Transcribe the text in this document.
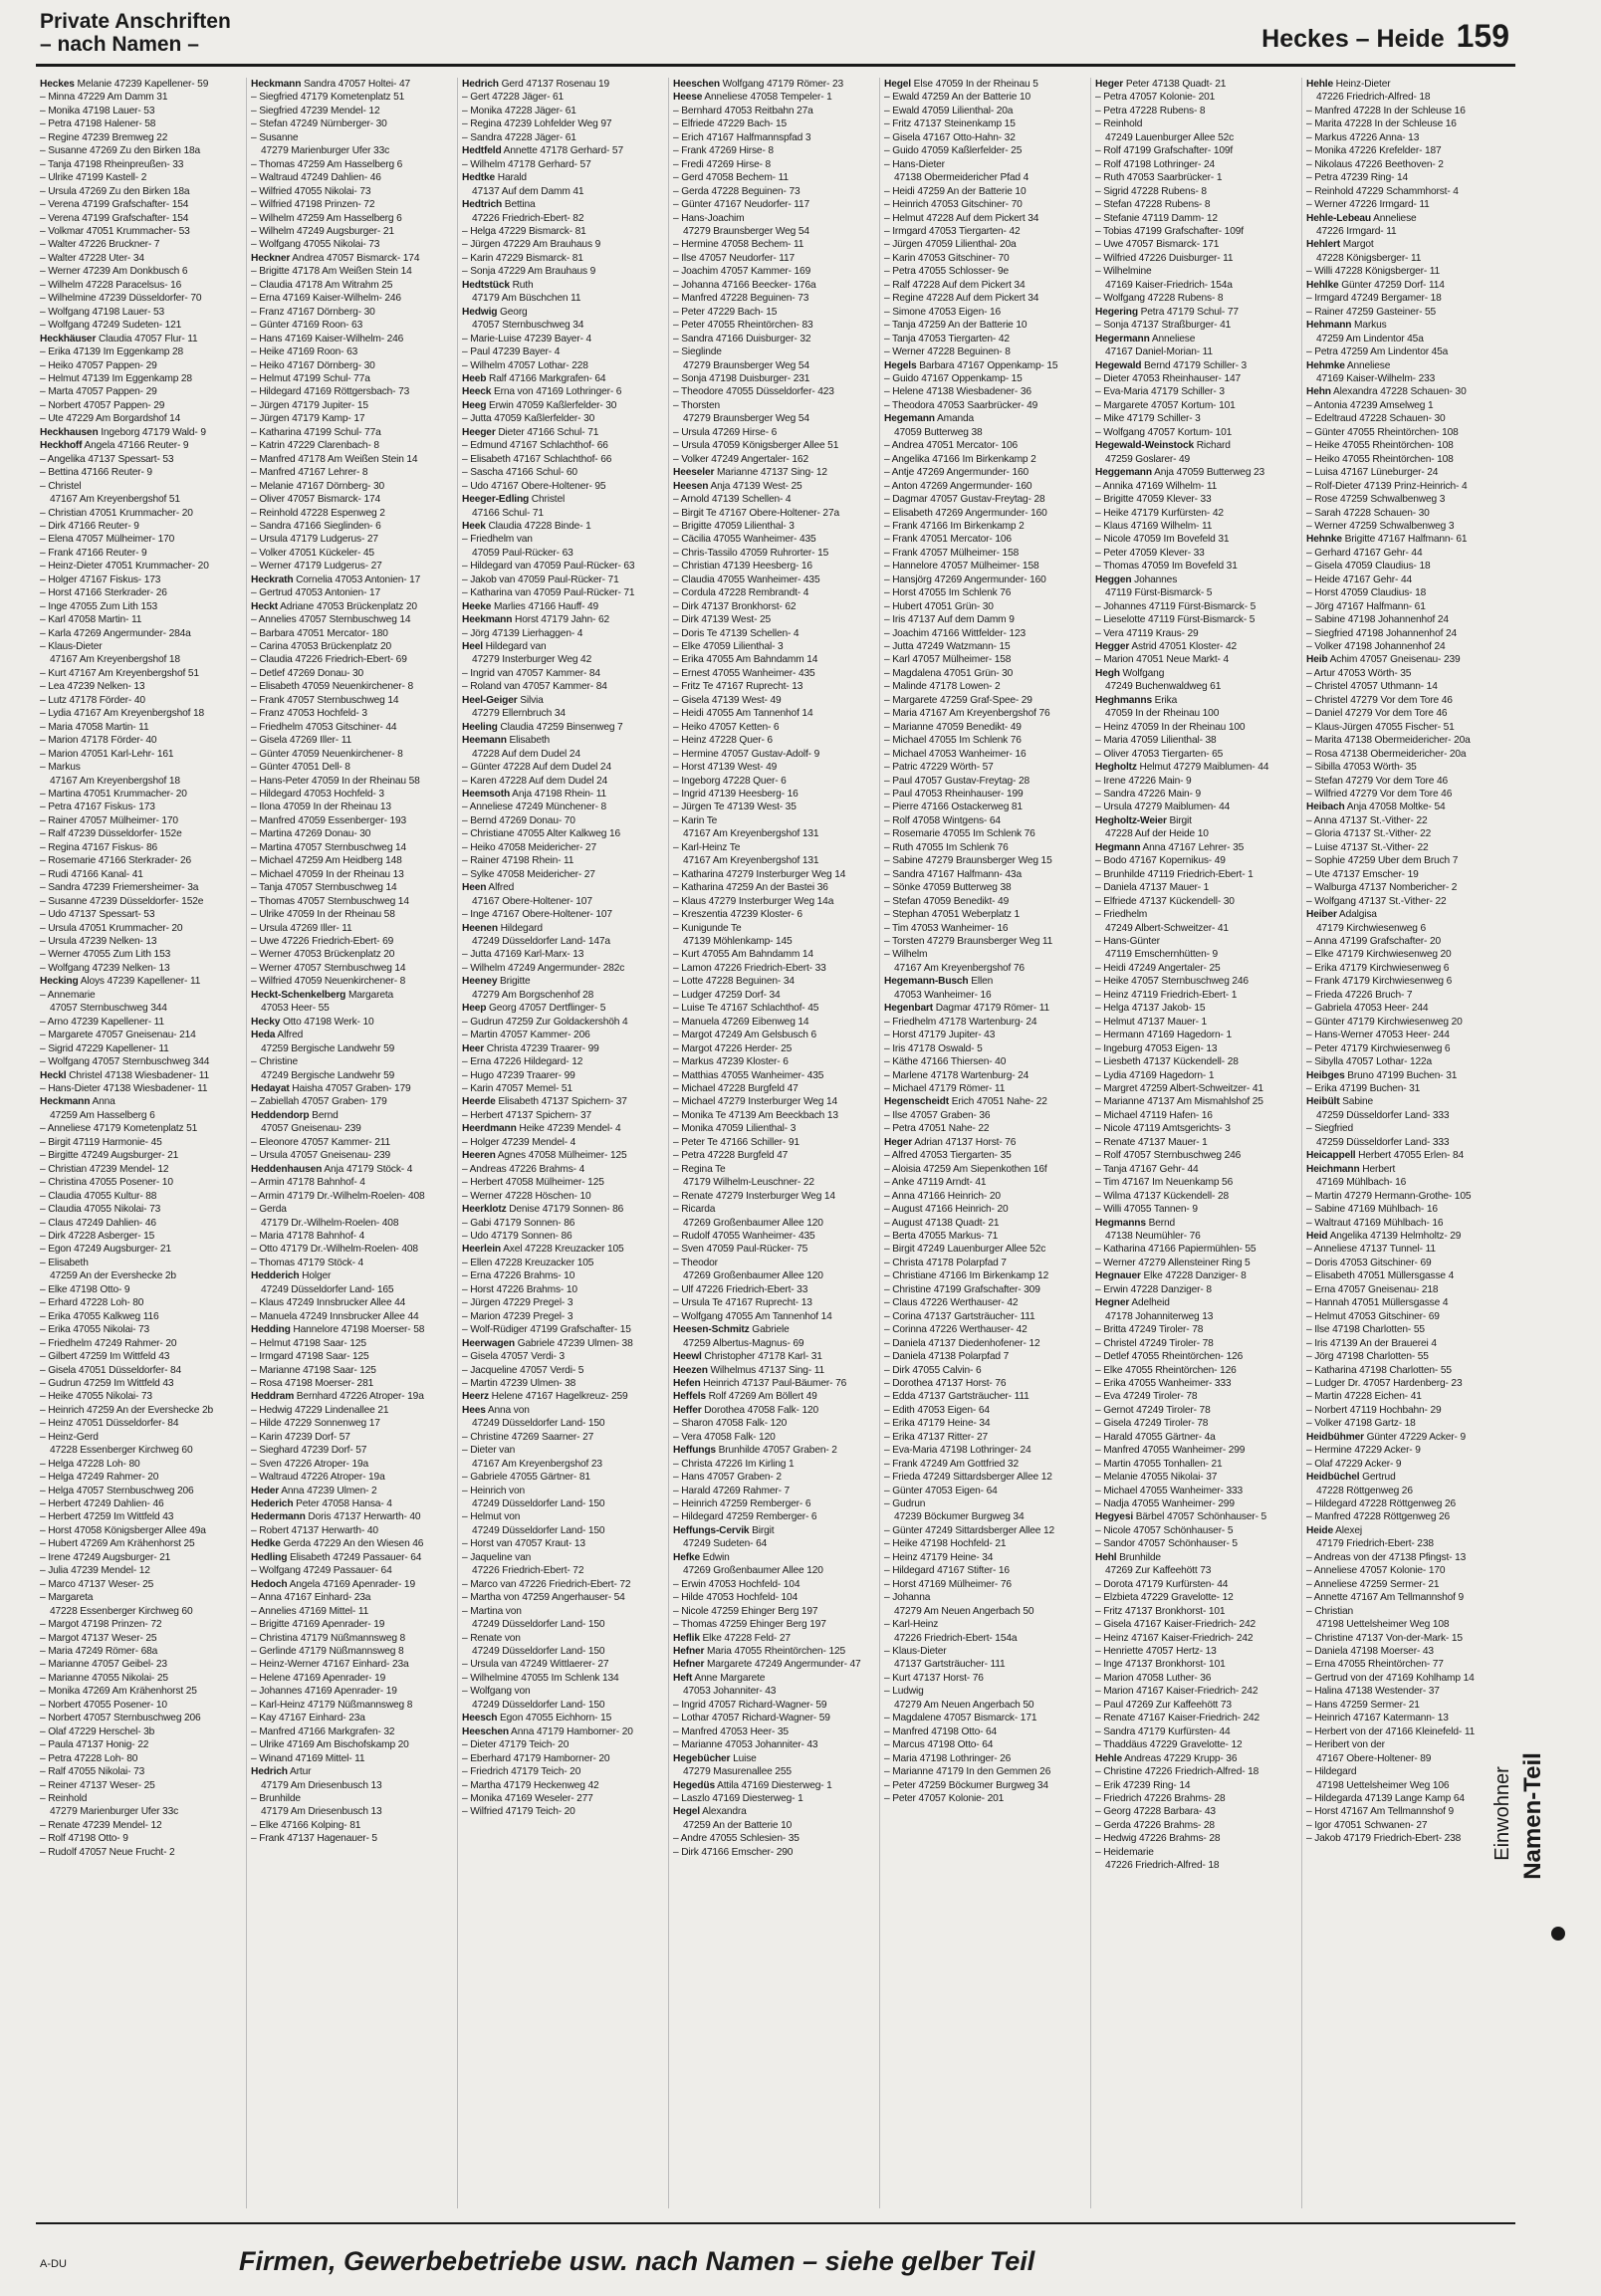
Private Anschriften
– nach Namen –	Heckes – Heide 159
Heckes Melanie 47239 Kapellener- 59
– Minna 47229 Am Damm 31
– Monika 47198 Lauer- 53
– Petra 47198 Halener- 58
– Regine 47239 Bremweg 22
– Susanne 47269 Zu den Birken 18a
– Tanja 47198 Rheinpreußen- 33
– Ulrike 47199 Kastell- 2
– Ursula 47269 Zu den Birken 18a
– Verena 47199 Grafschafter- 154
– Verena 47199 Grafschafter- 154
– Volkmar 47051 Krummacher- 53
– Walter 47226 Bruckner- 7
– Walter 47228 Uter- 34
– Werner 47239 Am Donkbusch 6
– Wilhelm 47228 Paracelsus- 16
– Wilhelmine 47239 Düsseldorfer- 70
– Wolfgang 47198 Lauer- 53
– Wolfgang 47249 Sudeten- 121
Heckhäuser Claudia 47057 Flur- 11
– Erika 47139 Im Eggenkamp 28
– Heiko 47057 Pappen- 29
– Helmut 47139 Im Eggenkamp 28
– Marta 47057 Pappen- 29
– Norbert 47057 Pappen- 29
– Ute 47229 Am Borgardshof 14
Heckhausen Ingeborg 47179 Wald- 9
Heckhoff Angela 47166 Reuter- 9
– Angelika 47137 Spessart- 53
– Bettina 47166 Reuter- 9
– Christel
47167 Am Kreyenbergshof 51
– Christian 47051 Krummacher- 20
– Dirk 47166 Reuter- 9
– Elena 47057 Mülheimer- 170
– Frank 47166 Reuter- 9
– Heinz-Dieter 47051 Krummacher- 20
– Holger 47167 Fiskus- 173
– Horst 47166 Sterkrader- 26
– Inge 47055 Zum Lith 153
– Karl 47058 Martin- 11
– Karla 47269 Angermunder- 284a
– Klaus-Dieter
47167 Am Kreyenbergshof 18
– Kurt 47167 Am Kreyenbergshof 51
– Lea 47239 Nelken- 13
– Lutz 47178 Förder- 40
– Lydia 47167 Am Kreyenbergshof 18
– Maria 47058 Martin- 11
– Marion 47178 Förder- 40
– Marion 47051 Karl-Lehr- 161
– Markus
47167 Am Kreyenbergshof 18
– Martina 47051 Krummacher- 20
– Petra 47167 Fiskus- 173
– Rainer 47057 Mülheimer- 170
– Ralf 47239 Düsseldorfer- 152e
– Regina 47167 Fiskus- 86
– Rosemarie 47166 Sterkrader- 26
– Rudi 47166 Kanal- 41
– Sandra 47239 Friemersheimer- 3a
– Susanne 47239 Düsseldorfer- 152e
– Udo 47137 Spessart- 53
– Ursula 47051 Krummacher- 20
– Ursula 47239 Nelken- 13
– Werner 47055 Zum Lith 153
– Wolfgang 47239 Nelken- 13
Hecking Aloys 47239 Kapellener- 11
– Annemarie
47057 Sternbuschweg 344
– Arno 47239 Kapellener- 11
– Margarete 47057 Gneisenau- 214
– Sigrid 47229 Kapellener- 11
– Wolfgang 47057 Sternbuschweg 344
Heckl Christel 47138 Wiesbadener- 11
– Hans-Dieter 47138 Wiesbadener- 11
Heckmann Anna
47259 Am Hasselberg 6
– Anneliese 47179 Kometenplatz 51
– Birgit 47119 Harmonie- 45
– Birgitte 47249 Augsburger- 21
– Christian 47239 Mendel- 12
– Christina 47055 Posener- 10
– Claudia 47055 Kultur- 88
– Claudia 47055 Nikolai- 73
– Claus 47249 Dahlien- 46
– Dirk 47228 Asberger- 15
– Egon 47249 Augsburger- 21
– Elisabeth
47259 An der Evershecke 2b
– Elke 47198 Otto- 9
– Erhard 47228 Loh- 80
– Erika 47055 Kalkweg 116
– Erika 47055 Nikolai- 73
– Friedhelm 47249 Rahmer- 20
– Gilbert 47259 Im Wittfeld 43
– Gisela 47051 Düsseldorfer- 84
– Gudrun 47259 Im Wittfeld 43
– Heike 47055 Nikolai- 73
– Heinrich 47259 An der Evershecke 2b
– Heinz 47051 Düsseldorfer- 84
– Heinz-Gerd
47228 Essenberger Kirchweg 60
– Helga 47228 Loh- 80
– Helga 47249 Rahmer- 20
– Helga 47057 Sternbuschweg 206
– Herbert 47249 Dahlien- 46
– Herbert 47259 Im Wittfeld 43
– Horst 47058 Königsberger Allee 49a
– Hubert 47269 Am Krähenhorst 25
– Irene 47249 Augsburger- 21
– Julia 47239 Mendel- 12
– Marco 47137 Weser- 25
– Margareta
47228 Essenberger Kirchweg 60
– Margot 47198 Prinzen- 72
– Margot 47137 Weser- 25
– Maria 47249 Römer- 68a
– Marianne 47057 Geibel- 23
– Marianne 47055 Nikolai- 25
– Monika 47269 Am Krähenhorst 25
– Norbert 47055 Posener- 10
– Norbert 47057 Sternbuschweg 206
– Olaf 47229 Herschel- 3b
– Paula 47137 Honig- 22
– Petra 47228 Loh- 80
– Ralf 47055 Nikolai- 73
– Reiner 47137 Weser- 25
– Reinhold
47279 Marienburger Ufer 33c
– Renate 47239 Mendel- 12
– Rolf 47198 Otto- 9
– Rudolf 47057 Neue Frucht- 2
Heckmann Sandra 47057 Holtei- 47
– Siegfried 47179 Kometenplatz 51
– Siegfried 47239 Mendel- 12
– Stefan 47249 Nürnberger- 30
– Susanne
47279 Marienburger Ufer 33c
– Thomas 47259 Am Hasselberg 6
– Waltraud 47249 Dahlien- 46
– Wilfried 47055 Nikolai- 73
– Wilfried 47198 Prinzen- 72
– Wilhelm 47259 Am Hasselberg 6
– Wilhelm 47249 Augsburger- 21
– Wolfgang 47055 Nikolai- 73
Heckner Andrea 47057 Bismarck- 174
– Brigitte 47178 Am Weißen Stein 14
– Claudia 47178 Am Witrahm 25
– Erna 47169 Kaiser-Wilhelm- 246
– Franz 47167 Dörnberg- 30
– Günter 47169 Roon- 63
– Hans 47169 Kaiser-Wilhelm- 246
– Heike 47169 Roon- 63
– Heiko 47167 Dörnberg- 30
– Helmut 47199 Schul- 77a
– Hildegard 47169 Röttgersbach- 73
– Jürgen 47179 Jupiter- 15
– Jürgen 47179 Kamp- 17
– Katharina 47199 Schul- 77a
– Katrin 47229 Clarenbach- 8
– Manfred 47178 Am Weißen Stein 14
– Manfred 47167 Lehrer- 8
– Melanie 47167 Dörnberg- 30
– Oliver 47057 Bismarck- 174
– Reinhold 47228 Espenweg 2
– Sandra 47166 Sieglinden- 6
– Ursula 47179 Ludgerus- 27
– Volker 47051 Kückeler- 45
– Werner 47179 Ludgerus- 27
Heckrath Cornelia 47053 Antonien- 17
– Gertrud 47053 Antonien- 17
Heckt Adriane 47053 Brückenplatz 20
– Annelies 47057 Sternbuschweg 14
– Barbara 47051 Mercator- 180
– Carina 47053 Brückenplatz 20
– Claudia 47226 Friedrich-Ebert- 69
– Detlef 47269 Donau- 30
– Elisabeth 47059 Neuenkirchener- 8
– Frank 47057 Sternbuschweg 14
– Franz 47053 Hochfeld- 3
– Friedhelm 47053 Gitschiner- 44
– Gisela 47269 Iller- 11
– Günter 47059 Neuenkirchener- 8
– Günter 47051 Dell- 8
– Hans-Peter 47059 In der Rheinau 58
– Hildegard 47053 Hochfeld- 3
– Ilona 47059 In der Rheinau 13
– Manfred 47059 Essenberger- 193
– Martina 47269 Donau- 30
– Martina 47057 Sternbuschweg 14
– Michael 47259 Am Heidberg 148
– Michael 47059 In der Rheinau 13
– Tanja 47057 Sternbuschweg 14
– Thomas 47057 Sternbuschweg 14
– Ulrike 47059 In der Rheinau 58
– Ursula 47269 Iller- 11
– Uwe 47226 Friedrich-Ebert- 69
– Werner 47053 Brückenplatz 20
– Werner 47057 Sternbuschweg 14
– Wilfried 47059 Neuenkirchener- 8
Heckt-Schenkelberg Margareta
47053 Heer- 55
Hecky Otto 47198 Werk- 10
Heda Alfred
47259 Bergische Landwehr 59
– Christine
47249 Bergische Landwehr 59
Hedayat Haisha 47057 Graben- 179
– Zabiellah 47057 Graben- 179
Heddendorp Bernd
47057 Gneisenau- 239
– Eleonore 47057 Kammer- 211
– Ursula 47057 Gneisenau- 239
Heddenhausen Anja 47179 Stöck- 4
– Armin 47178 Bahnhof- 4
– Armin 47179 Dr.-Wilhelm-Roelen- 408
– Gerda
47179 Dr.-Wilhelm-Roelen- 408
– Maria 47178 Bahnhof- 4
– Otto 47179 Dr.-Wilhelm-Roelen- 408
– Thomas 47179 Stöck- 4
Hedderich Holger
47249 Düsseldorfer Land- 165
– Klaus 47249 Innsbrucker Allee 44
– Manuela 47249 Innsbrucker Allee 44
Hedding Hannelore 47198 Moerser- 58
– Helmut 47198 Saar- 125
– Irmgard 47198 Saar- 125
– Marianne 47198 Saar- 125
– Rosa 47198 Moerser- 281
Heddram Bernhard 47226 Atroper- 19a
– Hedwig 47229 Lindenallee 21
– Hilde 47229 Sonnenweg 17
– Karin 47239 Dorf- 57
– Sieghard 47239 Dorf- 57
– Sven 47226 Atroper- 19a
– Waltraud 47226 Atroper- 19a
Heder Anna 47239 Ulmen- 2
Hederich Peter 47058 Hansa- 4
Hedermann Doris 47137 Herwarth- 40
– Robert 47137 Herwarth- 40
Hedke Gerda 47229 An den Wiesen 46
Hedling Elisabeth 47249 Passauer- 64
– Wolfgang 47249 Passauer- 64
Hedoch Angela 47169 Apenrader- 19
– Anna 47167 Einhard- 23a
– Annelies 47169 Mittel- 11
– Brigitte 47169 Apenrader- 19
– Christina 47179 Nüßmannsweg 8
– Gerlinde 47179 Nüßmannsweg 8
– Heinz-Werner 47167 Einhard- 23a
– Helene 47169 Apenrader- 19
– Johannes 47169 Apenrader- 19
– Karl-Heinz 47179 Nüßmannsweg 8
– Kay 47167 Einhard- 23a
– Manfred 47166 Markgrafen- 32
– Ulrike 47169 Am Bischofskamp 20
– Winand 47169 Mittel- 11
Hedrich Artur
47179 Am Driesenbusch 13
– Brunhilde
47179 Am Driesenbusch 13
– Elke 47166 Kolping- 81
– Frank 47137 Hagenauer- 5
Hedrich Gerd 47137 Rosenau 19
– Gert 47228 Jäger- 61
– Monika 47228 Jäger- 61
– Regina 47239 Lohfelder Weg 97
– Sandra 47228 Jäger- 61
Hedtfeld Annette 47178 Gerhard- 57
– Wilhelm 47178 Gerhard- 57
Hedtke Harald
47137 Auf dem Damm 41
Hedtrich Bettina
47226 Friedrich-Ebert- 82
– Helga 47229 Bismarck- 81
– Jürgen 47229 Am Brauhaus 9
– Karin 47229 Bismarck- 81
– Sonja 47229 Am Brauhaus 9
Hedtstück Ruth
47179 Am Büschchen 11
Hedwig Georg
47057 Sternbuschweg 34
– Marie-Luise 47239 Bayer- 4
– Paul 47239 Bayer- 4
– Wilhelm 47057 Lothar- 228
Heeb Ralf 47166 Markgrafen- 64
Heeck Erna von 47169 Lothringer- 6
Heeg Erwin 47059 Kaßlerfelder- 30
– Jutta 47059 Kaßlerfelder- 30
Heeger Dieter 47166 Schul- 71
– Edmund 47167 Schlachthof- 66
– Elisabeth 47167 Schlachthof- 66
– Sascha 47166 Schul- 60
– Udo 47167 Obere-Holtener- 95
Heeger-Edling Christel
47166 Schul- 71
Heek Claudia 47228 Binde- 1
– Friedhelm van
47059 Paul-Rücker- 63
– Hildegard van 47059 Paul-Rücker- 63
– Jakob van 47059 Paul-Rücker- 71
– Katharina van 47059 Paul-Rücker- 71
Heeke Marlies 47166 Hauff- 49
Heekmann Horst 47179 Jahn- 62
– Jörg 47139 Lierhaggen- 4
Heel Hildegard van
47279 Insterburger Weg 42
– Ingrid van 47057 Kammer- 84
– Roland van 47057 Kammer- 84
Heel-Geiger Silvia
47279 Ellernbruch 34
Heeling Claudia 47259 Binsenweg 7
Heemann Elisabeth
47228 Auf dem Dudel 24
– Günter 47228 Auf dem Dudel 24
– Karen 47228 Auf dem Dudel 24
Heemsoth Anja 47198 Rhein- 11
– Anneliese 47249 Münchener- 8
– Bernd 47269 Donau- 70
– Christiane 47055 Alter Kalkweg 16
– Heiko 47058 Meidericher- 27
– Rainer 47198 Rhein- 11
– Sylke 47058 Meidericher- 27
Heen Alfred
47167 Obere-Holtener- 107
– Inge 47167 Obere-Holtener- 107
Heenen Hildegard
47249 Düsseldorfer Land- 147a
– Jutta 47169 Karl-Marx- 13
– Wilhelm 47249 Angermunder- 282c
Heeney Brigitte
47279 Am Borgschenhof 28
Heep Georg 47057 Dertflinger- 5
– Gudrun 47259 Zur Goldackershöh 4
– Martin 47057 Kammer- 206
Heer Christa 47239 Traarer- 99
– Erna 47226 Hildegard- 12
– Hugo 47239 Traarer- 99
– Karin 47057 Memel- 51
Heerde Elisabeth 47137 Spichern- 37
– Herbert 47137 Spichern- 37
Heerdmann Heike 47239 Mendel- 4
– Holger 47239 Mendel- 4
Heeren Agnes 47058 Mülheimer- 125
– Andreas 47226 Brahms- 4
– Herbert 47058 Mülheimer- 125
– Werner 47228 Höschen- 10
Heerklotz Denise 47179 Sonnen- 86
– Gabi 47179 Sonnen- 86
– Udo 47179 Sonnen- 86
Heerlein Axel 47228 Kreuzacker 105
– Ellen 47228 Kreuzacker 105
– Erna 47226 Brahms- 10
– Horst 47226 Brahms- 10
– Jürgen 47229 Pregel- 3
– Marion 47239 Pregel- 3
– Wolf-Rüdiger 47199 Grafschafter- 15
Heerwagen Gabriele 47239 Ulmen- 38
– Gisela 47057 Verdi- 3
– Jacqueline 47057 Verdi- 5
– Martin 47239 Ulmen- 38
Heerz Helene 47167 Hagelkreuz- 259
Hees Anna von
47249 Düsseldorfer Land- 150
– Christine 47269 Saarner- 27
– Dieter van
47167 Am Kreyenbergshof 23
– Gabriele 47055 Gärtner- 81
– Heinrich von
47249 Düsseldorfer Land- 150
– Helmut von
47249 Düsseldorfer Land- 150
– Horst van 47057 Kraut- 13
– Jaqueline van
47226 Friedrich-Ebert- 72
– Marco van 47226 Friedrich-Ebert- 72
– Martha von 47259 Angerhauser- 54
– Martina von
47249 Düsseldorfer Land- 150
– Renate von
47249 Düsseldorfer Land- 150
– Ursula van 47249 Wittlaerer- 27
– Wilhelmine 47055 Im Schlenk 134
– Wolfgang von
47249 Düsseldorfer Land- 150
Heesch Egon 47055 Eichhorn- 15
Heeschen Anna 47179 Hamborner- 20
– Dieter 47179 Teich- 20
– Eberhard 47179 Hamborner- 20
– Friedrich 47179 Teich- 20
– Martha 47179 Heckenweg 42
– Monika 47169 Weseler- 277
– Wilfried 47179 Teich- 20
Heeschen Wolfgang 47179 Römer- 23
Heese Anneliese 47058 Tempeler- 1
– Bernhard 47053 Reitbahn 27a
– Elfriede 47229 Bach- 15
– Erich 47167 Halfmannspfad 3
– Frank 47269 Hirse- 8
– Fredi 47269 Hirse- 8
– Gerd 47058 Bechem- 11
– Gerda 47228 Beguinen- 73
– Günter 47167 Neudorfer- 117
– Hans-Joachim
47279 Braunsberger Weg 54
– Hermine 47058 Bechem- 11
– Ilse 47057 Neudorfer- 117
– Joachim 47057 Kammer- 169
– Johanna 47166 Beecker- 176a
– Manfred 47228 Beguinen- 73
– Peter 47229 Bach- 15
– Peter 47055 Rheintörchen- 83
– Sandra 47166 Duisburger- 32
– Sieglinde
47279 Braunsberger Weg 54
– Sonja 47198 Duisburger- 231
– Theodore 47055 Düsseldorfer- 423
– Thorsten
47279 Braunsberger Weg 54
– Ursula 47269 Hirse- 6
– Ursula 47059 Königsberger Allee 51
– Volker 47249 Angertaler- 162
Heeseler Marianne 47137 Sing- 12
Heesen Anja 47139 West- 25
– Arnold 47139 Schellen- 4
– Birgit Te 47167 Obere-Holtener- 27a
– Brigitte 47059 Lilienthal- 3
– Cäcilia 47055 Wanheimer- 435
– Chris-Tassilo 47059 Ruhrorter- 15
– Christian 47139 Heesberg- 16
– Claudia 47055 Wanheimer- 435
– Cordula 47228 Rembrandt- 4
– Dirk 47137 Bronkhorst- 62
– Dirk 47139 West- 25
– Doris Te 47139 Schellen- 4
– Elke 47059 Lilienthal- 3
– Erika 47055 Am Bahndamm 14
– Ernest 47055 Wanheimer- 435
– Fritz Te 47167 Ruprecht- 13
– Gisela 47139 West- 49
– Heidi 47055 Am Tannenhof 14
– Heiko 47057 Ketten- 6
– Heinz 47228 Quer- 6
– Hermine 47057 Gustav-Adolf- 9
– Horst 47139 West- 49
– Ingeborg 47228 Quer- 6
– Ingrid 47139 Heesberg- 16
– Jürgen Te 47139 West- 35
– Karin Te
47167 Am Kreyenbergshof 131
– Karl-Heinz Te
47167 Am Kreyenbergshof 131
– Katharina 47279 Insterburger Weg 14
– Katharina 47259 An der Bastei 36
– Klaus 47279 Insterburger Weg 14a
– Kreszentia 47239 Kloster- 6
– Kunigunde Te
47139 Möhlenkamp- 145
– Kurt 47055 Am Bahndamm 14
– Lamon 47226 Friedrich-Ebert- 33
– Lotte 47228 Beguinen- 34
– Ludger 47259 Dorf- 34
– Luise Te 47167 Schlachthof- 45
– Manuela 47269 Eibenweg 14
– Margot 47249 Am Gelsbusch 6
– Margot 47226 Herder- 25
– Markus 47239 Kloster- 6
– Matthias 47055 Wanheimer- 435
– Michael 47228 Burgfeld 47
– Michael 47279 Insterburger Weg 14
– Monika Te 47139 Am Beeckbach 13
– Monika 47059 Lilienthal- 3
– Peter Te 47166 Schiller- 91
– Petra 47228 Burgfeld 47
– Regina Te
47179 Wilhelm-Leuschner- 22
– Renate 47279 Insterburger Weg 14
– Ricarda
47269 Großenbaumer Allee 120
– Rudolf 47055 Wanheimer- 435
– Sven 47059 Paul-Rücker- 75
– Theodor
47269 Großenbaumer Allee 120
– Ulf 47226 Friedrich-Ebert- 33
– Ursula Te 47167 Ruprecht- 13
– Wolfgang 47055 Am Tannenhof 14
Heesen-Schmitz Gabriele
47259 Albertus-Magnus- 69
Heewl Christopher 47178 Karl- 31
Heezen Wilhelmus 47137 Sing- 11
Hefen Heinrich 47137 Paul-Bäumer- 76
Heffels Rolf 47269 Am Böllert 49
Heffer Dorothea 47058 Falk- 120
– Sharon 47058 Falk- 120
– Vera 47058 Falk- 120
Heffungs Brunhilde 47057 Graben- 2
– Christa 47226 Im Kirling 1
– Hans 47057 Graben- 2
– Harald 47269 Rahmer- 7
– Heinrich 47259 Remberger- 6
– Hildegard 47259 Remberger- 6
Heffungs-Cervik Birgit
47249 Sudeten- 64
Hefke Edwin
47269 Großenbaumer Allee 120
– Erwin 47053 Hochfeld- 104
– Hilde 47053 Hochfeld- 104
– Nicole 47259 Ehinger Berg 197
– Thomas 47259 Ehinger Berg 197
Heflik Elke 47228 Feld- 27
Hefner Maria 47055 Rheintörchen- 125
Hefner Margarete 47249 Angermunder- 47
Heft Anne Margarete
47053 Johanniter- 43
– Ingrid 47057 Richard-Wagner- 59
– Lothar 47057 Richard-Wagner- 59
– Manfred 47053 Heer- 35
– Marianne 47053 Johanniter- 43
Hegebücher Luise
47279 Masurenallee 255
Hegedüs Attila 47169 Diesterweg- 1
– Laszlo 47169 Diesterweg- 1
Hegel Alexandra
47259 An der Batterie 10
– Andre 47055 Schlesien- 35
– Dirk 47166 Emscher- 290
Hegel Else 47059 In der Rheinau 5
– Ewald 47259 An der Batterie 10
– Ewald 47059 Lilienthal- 20a
– Fritz 47137 Steinenkamp 15
– Gisela 47167 Otto-Hahn- 32
– Guido 47059 Kaßlerfelder- 25
– Hans-Dieter
47138 Obermeidericher Pfad 4
– Heidi 47259 An der Batterie 10
– Heinrich 47053 Gitschiner- 70
– Helmut 47228 Auf dem Pickert 34
– Irmgard 47053 Tiergarten- 42
– Jürgen 47059 Lilienthal- 20a
– Karin 47053 Gitschiner- 70
– Petra 47055 Schlosser- 9e
– Ralf 47228 Auf dem Pickert 34
– Regine 47228 Auf dem Pickert 34
– Simone 47053 Eigen- 16
– Tanja 47259 An der Batterie 10
– Tanja 47053 Tiergarten- 42
– Werner 47228 Beguinen- 8
Hegels Barbara 47167 Oppenkamp- 15
– Guido 47167 Oppenkamp- 15
– Helene 47138 Wiesbadener- 36
– Theodora 47053 Saarbrücker- 49
Hegemann Amanda
47059 Butterweg 38
– Andrea 47051 Mercator- 106
– Angelika 47166 Im Birkenkamp 2
– Antje 47269 Angermunder- 160
– Anton 47269 Angermunder- 160
– Dagmar 47057 Gustav-Freytag- 28
– Elisabeth 47269 Angermunder- 160
– Frank 47166 Im Birkenkamp 2
– Frank 47051 Mercator- 106
– Frank 47057 Mülheimer- 158
– Hannelore 47057 Mülheimer- 158
– Hansjörg 47269 Angermunder- 160
– Horst 47055 Im Schlenk 76
– Hubert 47051 Grün- 30
– Iris 47137 Auf dem Damm 9
– Joachim 47166 Wittfelder- 123
– Jutta 47249 Watzmann- 15
– Karl 47057 Mülheimer- 158
– Magdalena 47051 Grün- 30
– Malinde 47178 Lowen- 2
– Margarete 47259 Graf-Spee- 29
– Maria 47167 Am Kreyenbergshof 76
– Marianne 47059 Benedikt- 49
– Michael 47055 Im Schlenk 76
– Michael 47053 Wanheimer- 16
– Patric 47229 Wörth- 57
– Paul 47057 Gustav-Freytag- 28
– Paul 47053 Rheinhauser- 199
– Pierre 47166 Ostackerweg 81
– Rolf 47058 Wintgens- 64
– Rosemarie 47055 Im Schlenk 76
– Ruth 47055 Im Schlenk 76
– Sabine 47279 Braunsberger Weg 15
– Sandra 47167 Halfmann- 43a
– Sönke 47059 Butterweg 38
– Stefan 47059 Benedikt- 49
– Stephan 47051 Weberplatz 1
– Tim 47053 Wanheimer- 16
– Torsten 47279 Braunsberger Weg 11
– Wilhelm
47167 Am Kreyenbergshof 76
Hegemann-Busch Ellen
47053 Wanheimer- 16
Hegenbart Dagmar 47179 Römer- 11
– Friedhelm 47178 Wartenburg- 24
– Horst 47179 Jupiter- 43
– Iris 47178 Oswald- 5
– Käthe 47166 Thiersen- 40
– Marlene 47178 Wartenburg- 24
– Michael 47179 Römer- 11
Hegenscheidt Erich 47051 Nahe- 22
– Ilse 47057 Graben- 36
– Petra 47051 Nahe- 22
Heger Adrian 47137 Horst- 76
– Alfred 47053 Tiergarten- 35
– Aloisia 47259 Am Siepenkothen 16f
– Anke 47119 Arndt- 41
– Anna 47166 Heinrich- 20
– August 47166 Heinrich- 20
– August 47138 Quadt- 21
– Berta 47055 Markus- 71
– Birgit 47249 Lauenburger Allee 52c
– Christa 47178 Polarpfad 7
– Christiane 47166 Im Birkenkamp 12
– Christine 47199 Grafschafter- 309
– Claus 47226 Werthauser- 42
– Corina 47137 Gartsträucher- 111
– Corinna 47226 Werthauser- 42
– Daniela 47137 Diedenhofener- 12
– Daniela 47138 Polarpfad 7
– Dirk 47055 Calvin- 6
– Dorothea 47137 Horst- 76
– Edda 47137 Gartsträucher- 111
– Edith 47053 Eigen- 64
– Erika 47179 Heine- 34
– Erika 47137 Ritter- 27
– Eva-Maria 47198 Lothringer- 24
– Frank 47249 Am Gottfried 32
– Frieda 47249 Sittardsberger Allee 12
– Günter 47053 Eigen- 64
– Gudrun
47239 Böckumer Burgweg 34
– Günter 47249 Sittardsberger Allee 12
– Heike 47198 Hochfeld- 21
– Heinz 47179 Heine- 34
– Hildegard 47167 Stifter- 16
– Horst 47169 Mülheimer- 76
– Johanna
47279 Am Neuen Angerbach 50
– Karl-Heinz
47226 Friedrich-Ebert- 154a
– Klaus-Dieter
47137 Gartsträucher- 111
– Kurt 47137 Horst- 76
– Ludwig
47279 Am Neuen Angerbach 50
– Magdalene 47057 Bismarck- 171
– Manfred 47198 Otto- 64
– Marcus 47198 Otto- 64
– Maria 47198 Lothringer- 26
– Marianne 47179 In den Gemmen 26
– Peter 47259 Böckumer Burgweg 34
– Peter 47057 Kolonie- 201
Heger Peter 47138 Quadt- 21
– Petra 47057 Kolonie- 201
– Petra 47228 Rubens- 8
– Reinhold
47249 Lauenburger Allee 52c
– Rolf 47199 Grafschafter- 109f
– Rolf 47198 Lothringer- 24
– Ruth 47053 Saarbrücker- 1
– Sigrid 47228 Rubens- 8
– Stefan 47228 Rubens- 8
– Stefanie 47119 Damm- 12
– Tobias 47199 Grafschafter- 109f
– Uwe 47057 Bismarck- 171
– Wilfried 47226 Duisburger- 11
– Wilhelmine
47169 Kaiser-Friedrich- 154a
– Wolfgang 47228 Rubens- 8
Hegering Petra 47179 Schul- 77
– Sonja 47137 Straßburger- 41
Hegermann Anneliese
47167 Daniel-Morian- 11
Hegewald Bernd 47179 Schiller- 3
– Dieter 47053 Rheinhauser- 147
– Eva-Maria 47179 Schiller- 3
– Margarete 47057 Kortum- 101
– Mike 47179 Schiller- 3
– Wolfgang 47057 Kortum- 101
Hegewald-Weinstock Richard
47259 Goslarer- 49
Heggemann Anja 47059 Butterweg 23
– Annika 47169 Wilhelm- 11
– Brigitte 47059 Klever- 33
– Heike 47179 Kurfürsten- 42
– Klaus 47169 Wilhelm- 11
– Nicole 47059 Im Bovefeld 31
– Peter 47059 Klever- 33
– Thomas 47059 Im Bovefeld 31
Heggen Johannes
47119 Fürst-Bismarck- 5
– Johannes 47119 Fürst-Bismarck- 5
– Lieselotte 47119 Fürst-Bismarck- 5
– Vera 47119 Kraus- 29
Hegger Astrid 47051 Kloster- 42
– Marion 47051 Neue Markt- 4
Hegh Wolfgang
47249 Buchenwaldweg 61
Heghmanns Erika
47059 In der Rheinau 100
– Heinz 47059 In der Rheinau 100
– Maria 47059 Lilienthal- 38
– Oliver 47053 Tiergarten- 65
Hegholtz Helmut 47279 Maiblumen- 44
– Irene 47226 Main- 9
– Sandra 47226 Main- 9
– Ursula 47279 Maiblumen- 44
Hegholtz-Weier Birgit
47228 Auf der Heide 10
Hegmann Anna 47167 Lehrer- 35
– Bodo 47167 Kopernikus- 49
– Brunhilde 47119 Friedrich-Ebert- 1
– Daniela 47137 Mauer- 1
– Elfriede 47137 Kückendell- 30
– Friedhelm
47249 Albert-Schweitzer- 41
– Hans-Günter
47119 Emschernhütten- 9
– Heidi 47249 Angertaler- 25
– Heike 47057 Sternbuschweg 246
– Heinz 47119 Friedrich-Ebert- 1
– Helga 47137 Jakob- 15
– Helmut 47137 Mauer- 1
– Hermann 47169 Hagedorn- 1
– Ingeburg 47053 Eigen- 13
– Liesbeth 47137 Kückendell- 28
– Lydia 47169 Hagedorn- 1
– Margret 47259 Albert-Schweitzer- 41
– Marianne 47137 Am Mismahlshof 25
– Michael 47119 Hafen- 16
– Nicole 47119 Amtsgerichts- 3
– Renate 47137 Mauer- 1
– Rolf 47057 Sternbuschweg 246
– Tanja 47167 Gehr- 44
– Tim 47167 Im Neuenkamp 56
– Wilma 47137 Kückendell- 28
– Willi 47055 Tannen- 9
Hegmanns Bernd
47138 Neumühler- 76
– Katharina 47166 Papiermühlen- 55
– Werner 47279 Allensteiner Ring 5
Hegnauer Elke 47228 Danziger- 8
– Erwin 47228 Danziger- 8
Hegner Adelheid
47178 Johanniterweg 13
– Britta 47249 Tiroler- 78
– Christel 47249 Tiroler- 78
– Detlef 47055 Rheintörchen- 126
– Elke 47055 Rheintörchen- 126
– Erika 47055 Wanheimer- 333
– Eva 47249 Tiroler- 78
– Gernot 47249 Tiroler- 78
– Gisela 47249 Tiroler- 78
– Harald 47055 Gärtner- 4a
– Manfred 47055 Wanheimer- 299
– Martin 47055 Tonhallen- 21
– Melanie 47055 Nikolai- 37
– Michael 47055 Wanheimer- 333
– Nadja 47055 Wanheimer- 299
Hegyesi Bärbel 47057 Schönhauser- 5
– Nicole 47057 Schönhauser- 5
– Sandor 47057 Schönhauser- 5
Hehl Brunhilde
47269 Zur Kaffeehött 73
– Dorota 47179 Kurfürsten- 44
– Elzbieta 47229 Gravelotte- 12
– Fritz 47137 Bronkhorst- 101
– Gisela 47167 Kaiser-Friedrich- 242
– Heinz 47167 Kaiser-Friedrich- 242
– Henriette 47057 Hertz- 13
– Inge 47137 Bronkhorst- 101
– Marion 47058 Luther- 36
– Marion 47167 Kaiser-Friedrich- 242
– Paul 47269 Zur Kaffeehött 73
– Renate 47167 Kaiser-Friedrich- 242
– Sandra 47179 Kurfürsten- 44
– Thaddäus 47229 Gravelotte- 12
Hehle Andreas 47229 Krupp- 36
– Christine 47226 Friedrich-Alfred- 18
– Erik 47239 Ring- 14
– Friedrich 47226 Brahms- 28
– Georg 47228 Barbara- 43
– Gerda 47226 Brahms- 28
– Hedwig 47226 Brahms- 28
– Heidemarie
47226 Friedrich-Alfred- 18
Hehle Heinz-Dieter
47226 Friedrich-Alfred- 18
– Manfred 47228 In der Schleuse 16
– Marita 47228 In der Schleuse 16
– Markus 47226 Anna- 13
– Monika 47226 Krefelder- 187
– Nikolaus 47226 Beethoven- 2
– Petra 47239 Ring- 14
– Reinhold 47229 Schammhorst- 4
– Werner 47226 Irmgard- 11
Hehle-Lebeau Anneliese
47226 Irmgard- 11
Hehlert Margot
47228 Königsberger- 11
– Willi 47228 Königsberger- 11
Hehlke Günter 47259 Dorf- 114
– Irmgard 47249 Bergamer- 18
– Rainer 47259 Gasteiner- 55
Hehmann Markus
47259 Am Lindentor 45a
– Petra 47259 Am Lindentor 45a
Hehmke Anneliese
47169 Kaiser-Wilhelm- 233
Hehn Alexandra 47228 Schauen- 30
– Antonia 47239 Amselweg 1
– Edeltraud 47228 Schauen- 30
– Günter 47055 Rheintörchen- 108
– Heike 47055 Rheintörchen- 108
– Heiko 47055 Rheintörchen- 108
– Luisa 47167 Lüneburger- 24
– Rolf-Dieter 47139 Prinz-Heinrich- 4
– Rose 47259 Schwalbenweg 3
– Sarah 47228 Schauen- 30
– Werner 47259 Schwalbenweg 3
Hehnke Brigitte 47167 Halfmann- 61
– Gerhard 47167 Gehr- 44
– Gisela 47059 Claudius- 18
– Heide 47167 Gehr- 44
– Horst 47059 Claudius- 18
– Jörg 47167 Halfmann- 61
– Sabine 47198 Johannenhof 24
– Siegfried 47198 Johannenhof 24
– Volker 47198 Johannenhof 24
Heib Achim 47057 Gneisenau- 239
– Artur 47053 Wörth- 35
– Christel 47057 Uthmann- 14
– Christel 47279 Vor dem Tore 46
– Daniel 47279 Vor dem Tore 46
– Klaus-Jürgen 47055 Fischer- 51
– Marita 47138 Obermeidericher- 20a
– Rosa 47138 Obermeidericher- 20a
– Sibilla 47053 Wörth- 35
– Stefan 47279 Vor dem Tore 46
– Wilfried 47279 Vor dem Tore 46
Heibach Anja 47058 Moltke- 54
– Anna 47137 St.-Vither- 22
– Gloria 47137 St.-Vither- 22
– Luise 47137 St.-Vither- 22
– Sophie 47259 Uber dem Bruch 7
– Ute 47137 Emscher- 19
– Walburga 47137 Nombericher- 2
– Wolfgang 47137 St.-Vither- 22
Heiber Adalgisa
47179 Kirchwiesenweg 6
– Anna 47199 Grafschafter- 20
– Elke 47179 Kirchwiesenweg 20
– Erika 47179 Kirchwiesenweg 6
– Frank 47179 Kirchwiesenweg 6
– Frieda 47226 Bruch- 7
– Gabriela 47053 Heer- 244
– Günter 47179 Kirchwiesenweg 20
– Hans-Werner 47053 Heer- 244
– Peter 47179 Kirchwiesenweg 6
– Sibylla 47057 Lothar- 122a
Heibges Bruno 47199 Buchen- 31
– Erika 47199 Buchen- 31
Heibült Sabine
47259 Düsseldorfer Land- 333
– Siegfried
47259 Düsseldorfer Land- 333
Heicappell Herbert 47055 Erlen- 84
Heichmann Herbert
47169 Mühlbach- 16
– Martin 47279 Hermann-Grothe- 105
– Sabine 47169 Mühlbach- 16
– Waltraut 47169 Mühlbach- 16
Heid Angelika 47139 Helmholtz- 29
– Anneliese 47137 Tunnel- 11
– Doris 47053 Gitschiner- 69
– Elisabeth 47051 Müllersgasse 4
– Erna 47057 Gneisenau- 218
– Hannah 47051 Müllersgasse 4
– Helmut 47053 Gitschiner- 69
– Ilse 47198 Charlotten- 55
– Iris 47139 An der Brauerei 4
– Jörg 47198 Charlotten- 55
– Katharina 47198 Charlotten- 55
– Ludger Dr. 47057 Hardenberg- 23
– Martin 47228 Eichen- 41
– Norbert 47119 Hochbahn- 29
– Volker 47198 Gartz- 18
Heidbühmer Günter 47229 Acker- 9
– Hermine 47229 Acker- 9
– Olaf 47229 Acker- 9
Heidbüchel Gertrud
47228 Röttgenweg 26
– Hildegard 47228 Röttgenweg 26
– Manfred 47228 Röttgenweg 26
Heide Alexej
47179 Friedrich-Ebert- 238
– Andreas von der 47138 Pfingst- 13
– Anneliese 47057 Kolonie- 170
– Anneliese 47259 Sermer- 21
– Annette 47167 Am Tellmannshof 9
– Christian
47198 Uettelsheimer Weg 108
– Christine 47137 Von-der-Mark- 15
– Daniela 47198 Moerser- 43
– Erna 47055 Rheintörchen- 77
– Gertrud von der 47169 Kohlhamp 14
– Halina 47138 Westender- 37
– Hans 47259 Sermer- 21
– Heinrich 47167 Katermann- 13
– Herbert von der 47166 Kleinefeld- 11
– Heribert von der
47167 Obere-Holtener- 89
– Hildegard
47198 Uettelsheimer Weg 106
– Hildegarda 47139 Lange Kamp 64
– Horst 47167 Am Tellmannshof 9
– Igor 47051 Schwanen- 27
– Jakob 47179 Friedrich-Ebert- 238	Einwohner Namen-Teil
A-DU	Firmen, Gewerbebetriebe usw. nach Namen – siehe gelber Teil
